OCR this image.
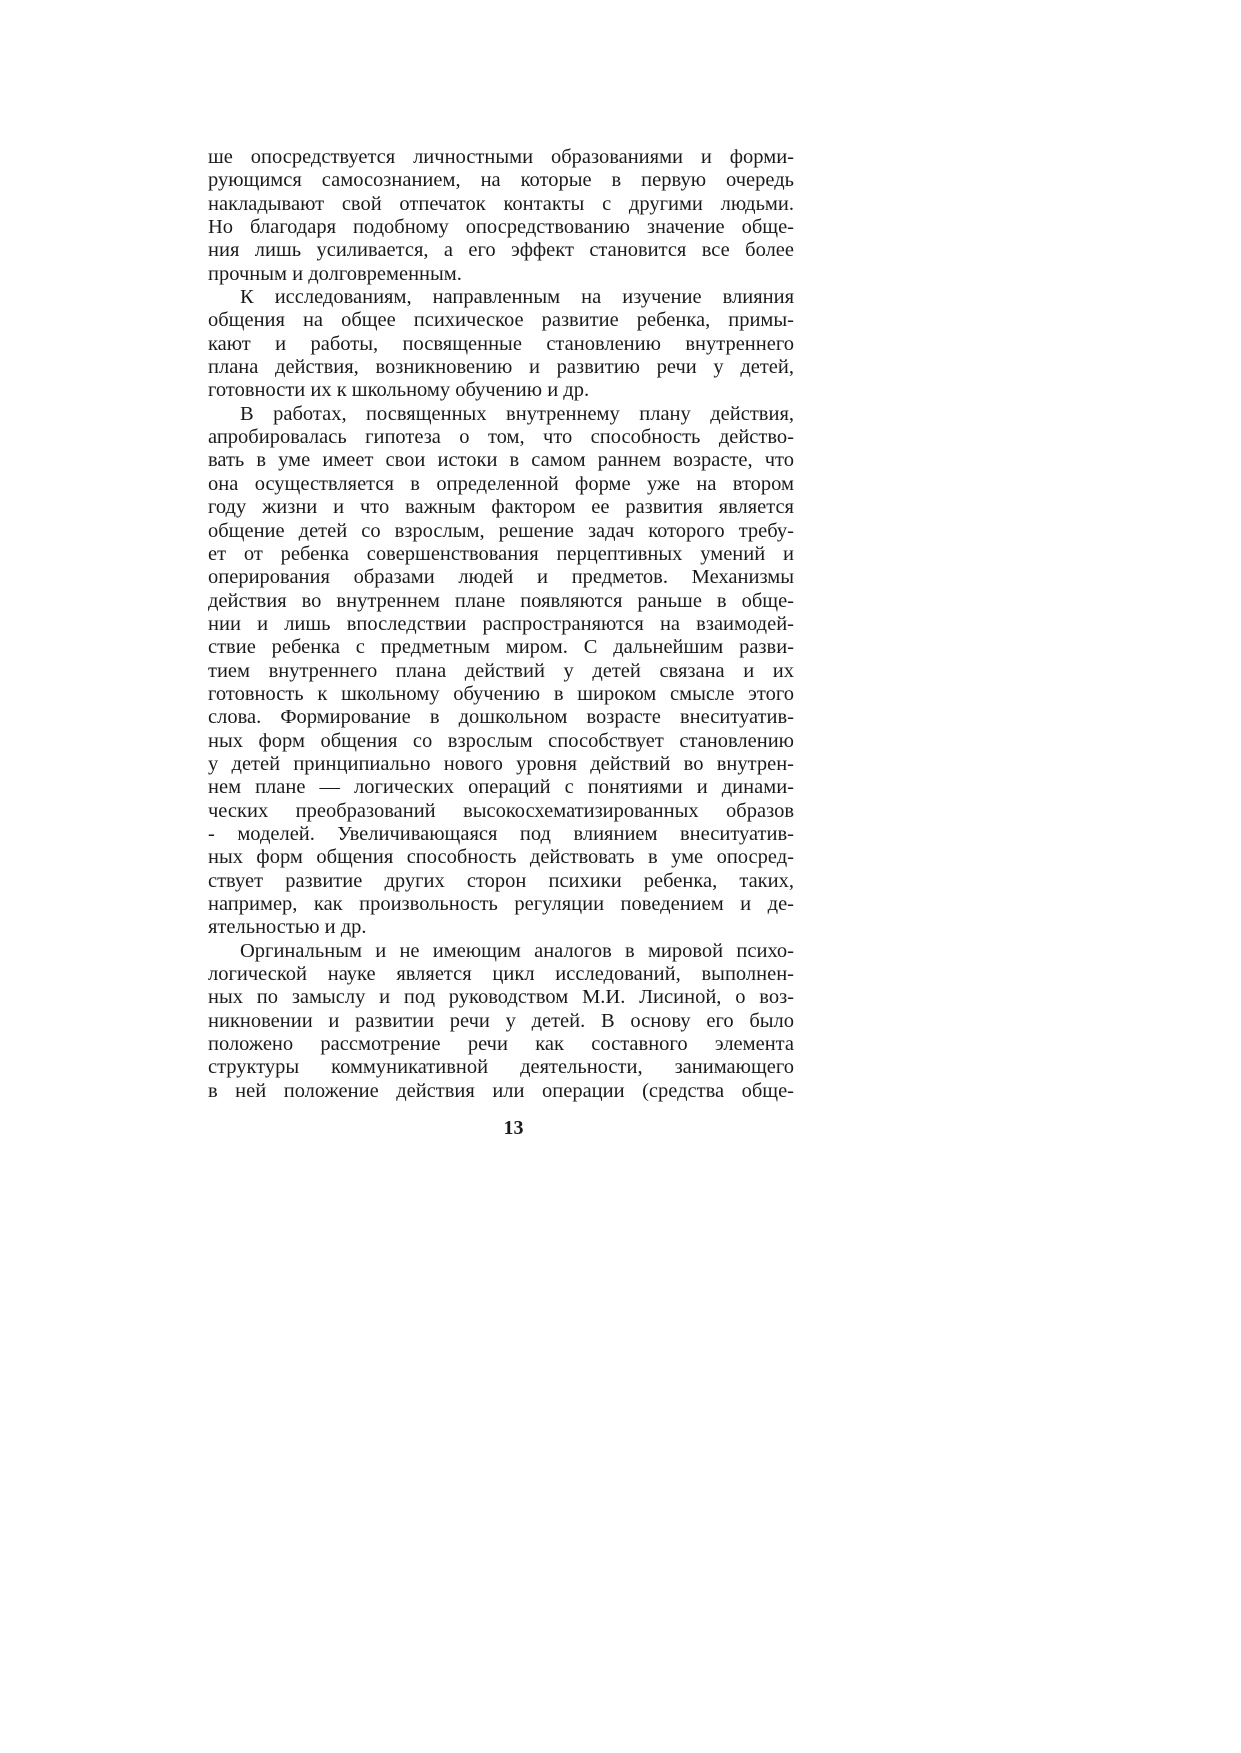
ше опосредствуется личностными образованиями и форми-
рующимся самосознанием, на которые в первую очередь
накладывают свой отпечаток контакты с другими людьми.
Но благодаря подобному опосредствованию значение обще-
ния лишь усиливается, а его эффект становится все более
прочным и долговременным.
К исследованиям, направленным на изучение влияния
общения на общее психическое развитие ребенка, примы-
кают и работы, посвященные становлению внутреннего
плана действия, возникновению и развитию речи у детей,
готовности их к школьному обучению и др.
В работах, посвященных внутреннему плану действия,
апробировалась гипотеза о том, что способность действо-
вать в уме имеет свои истоки в самом раннем возрасте, что
она осуществляется в определенной форме уже на втором
году жизни и что важным фактором ее развития является
общение детей со взрослым, решение задач которого требу-
ет от ребенка совершенствования перцептивных умений и
оперирования образами людей и предметов. Механизмы
действия во внутреннем плане появляются раньше в обще-
нии и лишь впоследствии распространяются на взаимодей-
ствие ребенка с предметным миром. С дальнейшим разви-
тием внутреннего плана действий у детей связана и их
готовность к школьному обучению в широком смысле этого
слова. Формирование в дошкольном возрасте внеситуатив-
ных форм общения со взрослым способствует становлению
у детей принципиально нового уровня действий во внутрен-
нем плане — логических операций с понятиями и динами-
ческих преобразований высокосхематизированных образов
- моделей. Увеличивающаяся под влиянием внеситуатив-
ных форм общения способность действовать в уме опосред-
ствует развитие других сторон психики ребенка, таких,
например, как произвольность регуляции поведением и де-
ятельностью и др.
Оргинальным и не имеющим аналогов в мировой психо-
логической науке является цикл исследований, выполнен-
ных по замыслу и под руководством М.И. Лисиной, о воз-
никновении и развитии речи у детей. В основу его было
положено рассмотрение речи как составного элемента
структуры коммуникативной деятельности, занимающего
в ней положение действия или операции (средства обще-
13
